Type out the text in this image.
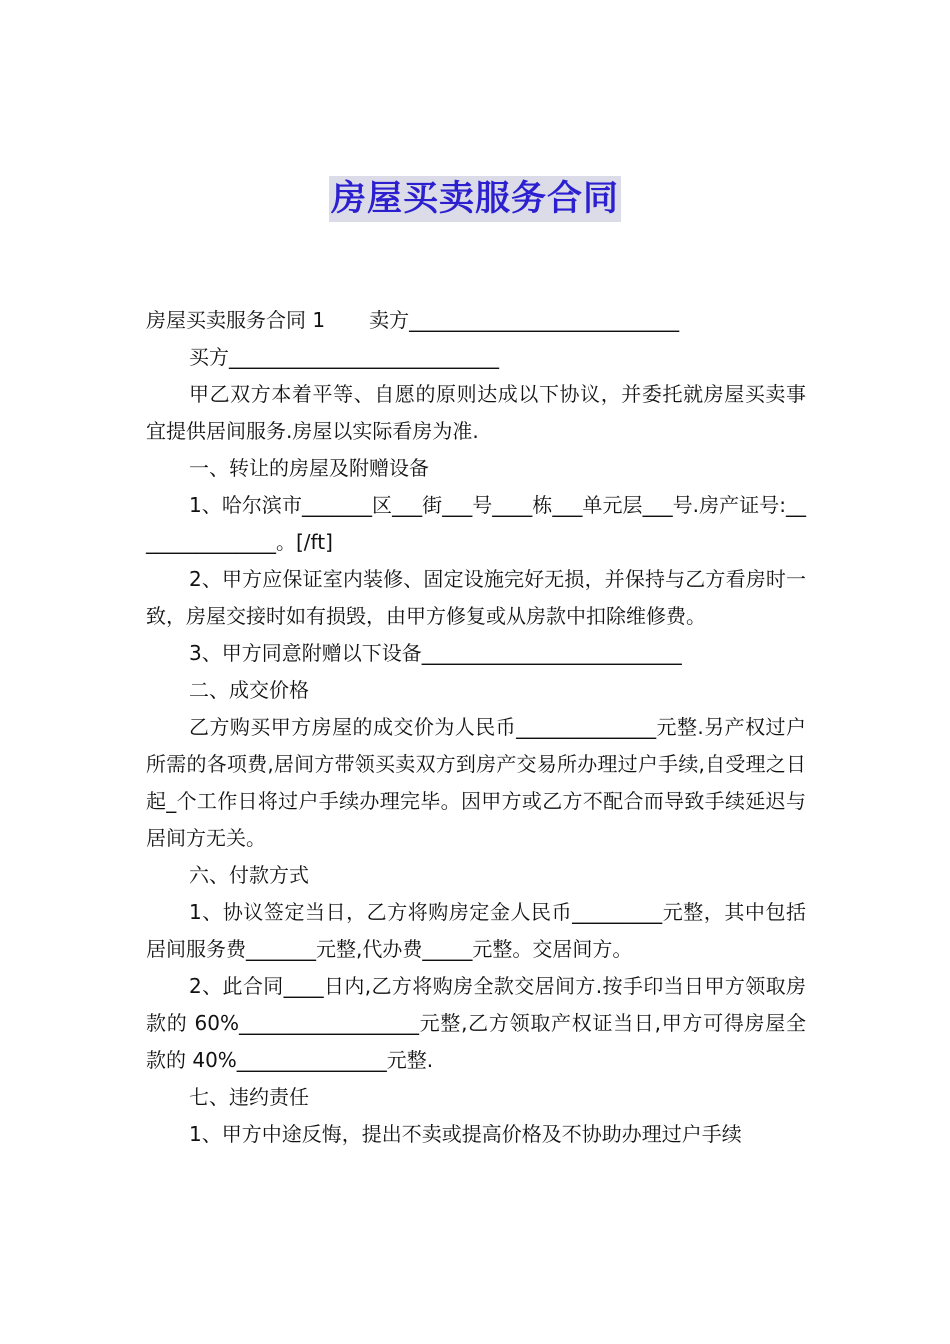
房屋买卖服务合同

房屋买卖服务合同 1 卖方___________________________

买方___________________________

甲乙双方本着平等、自愿的原则达成以下协议，并委托就房屋买卖事宜提供居间服务.房屋以实际看房为准.

一、转让的房屋及附赠设备

1、哈尔滨市_______区___街___号____栋___单元层___号.房产证号:_______________。[/ft]

2、甲方应保证室内装修、固定设施完好无损，并保持与乙方看房时一致，房屋交接时如有损毁，由甲方修复或从房款中扣除维修费。

3、甲方同意附赠以下设备__________________________

二、成交价格

乙方购买甲方房屋的成交价为人民币______________元整.另产权过户所需的各项费,居间方带领买卖双方到房产交易所办理过户手续,自受理之日起_个工作日将过户手续办理完毕。因甲方或乙方不配合而导致手续延迟与居间方无关。

六、付款方式

1、协议签定当日，乙方将购房定金人民币_________元整，其中包括居间服务费_______元整,代办费_____元整。交居间方。

2、此合同____日内,乙方将购房全款交居间方.按手印当日甲方领取房款的 60%__________________元整,乙方领取产权证当日,甲方可得房屋全款的 40%_______________元整.

七、违约责任

1、甲方中途反悔，提出不卖或提高价格及不协助办理过户手续
